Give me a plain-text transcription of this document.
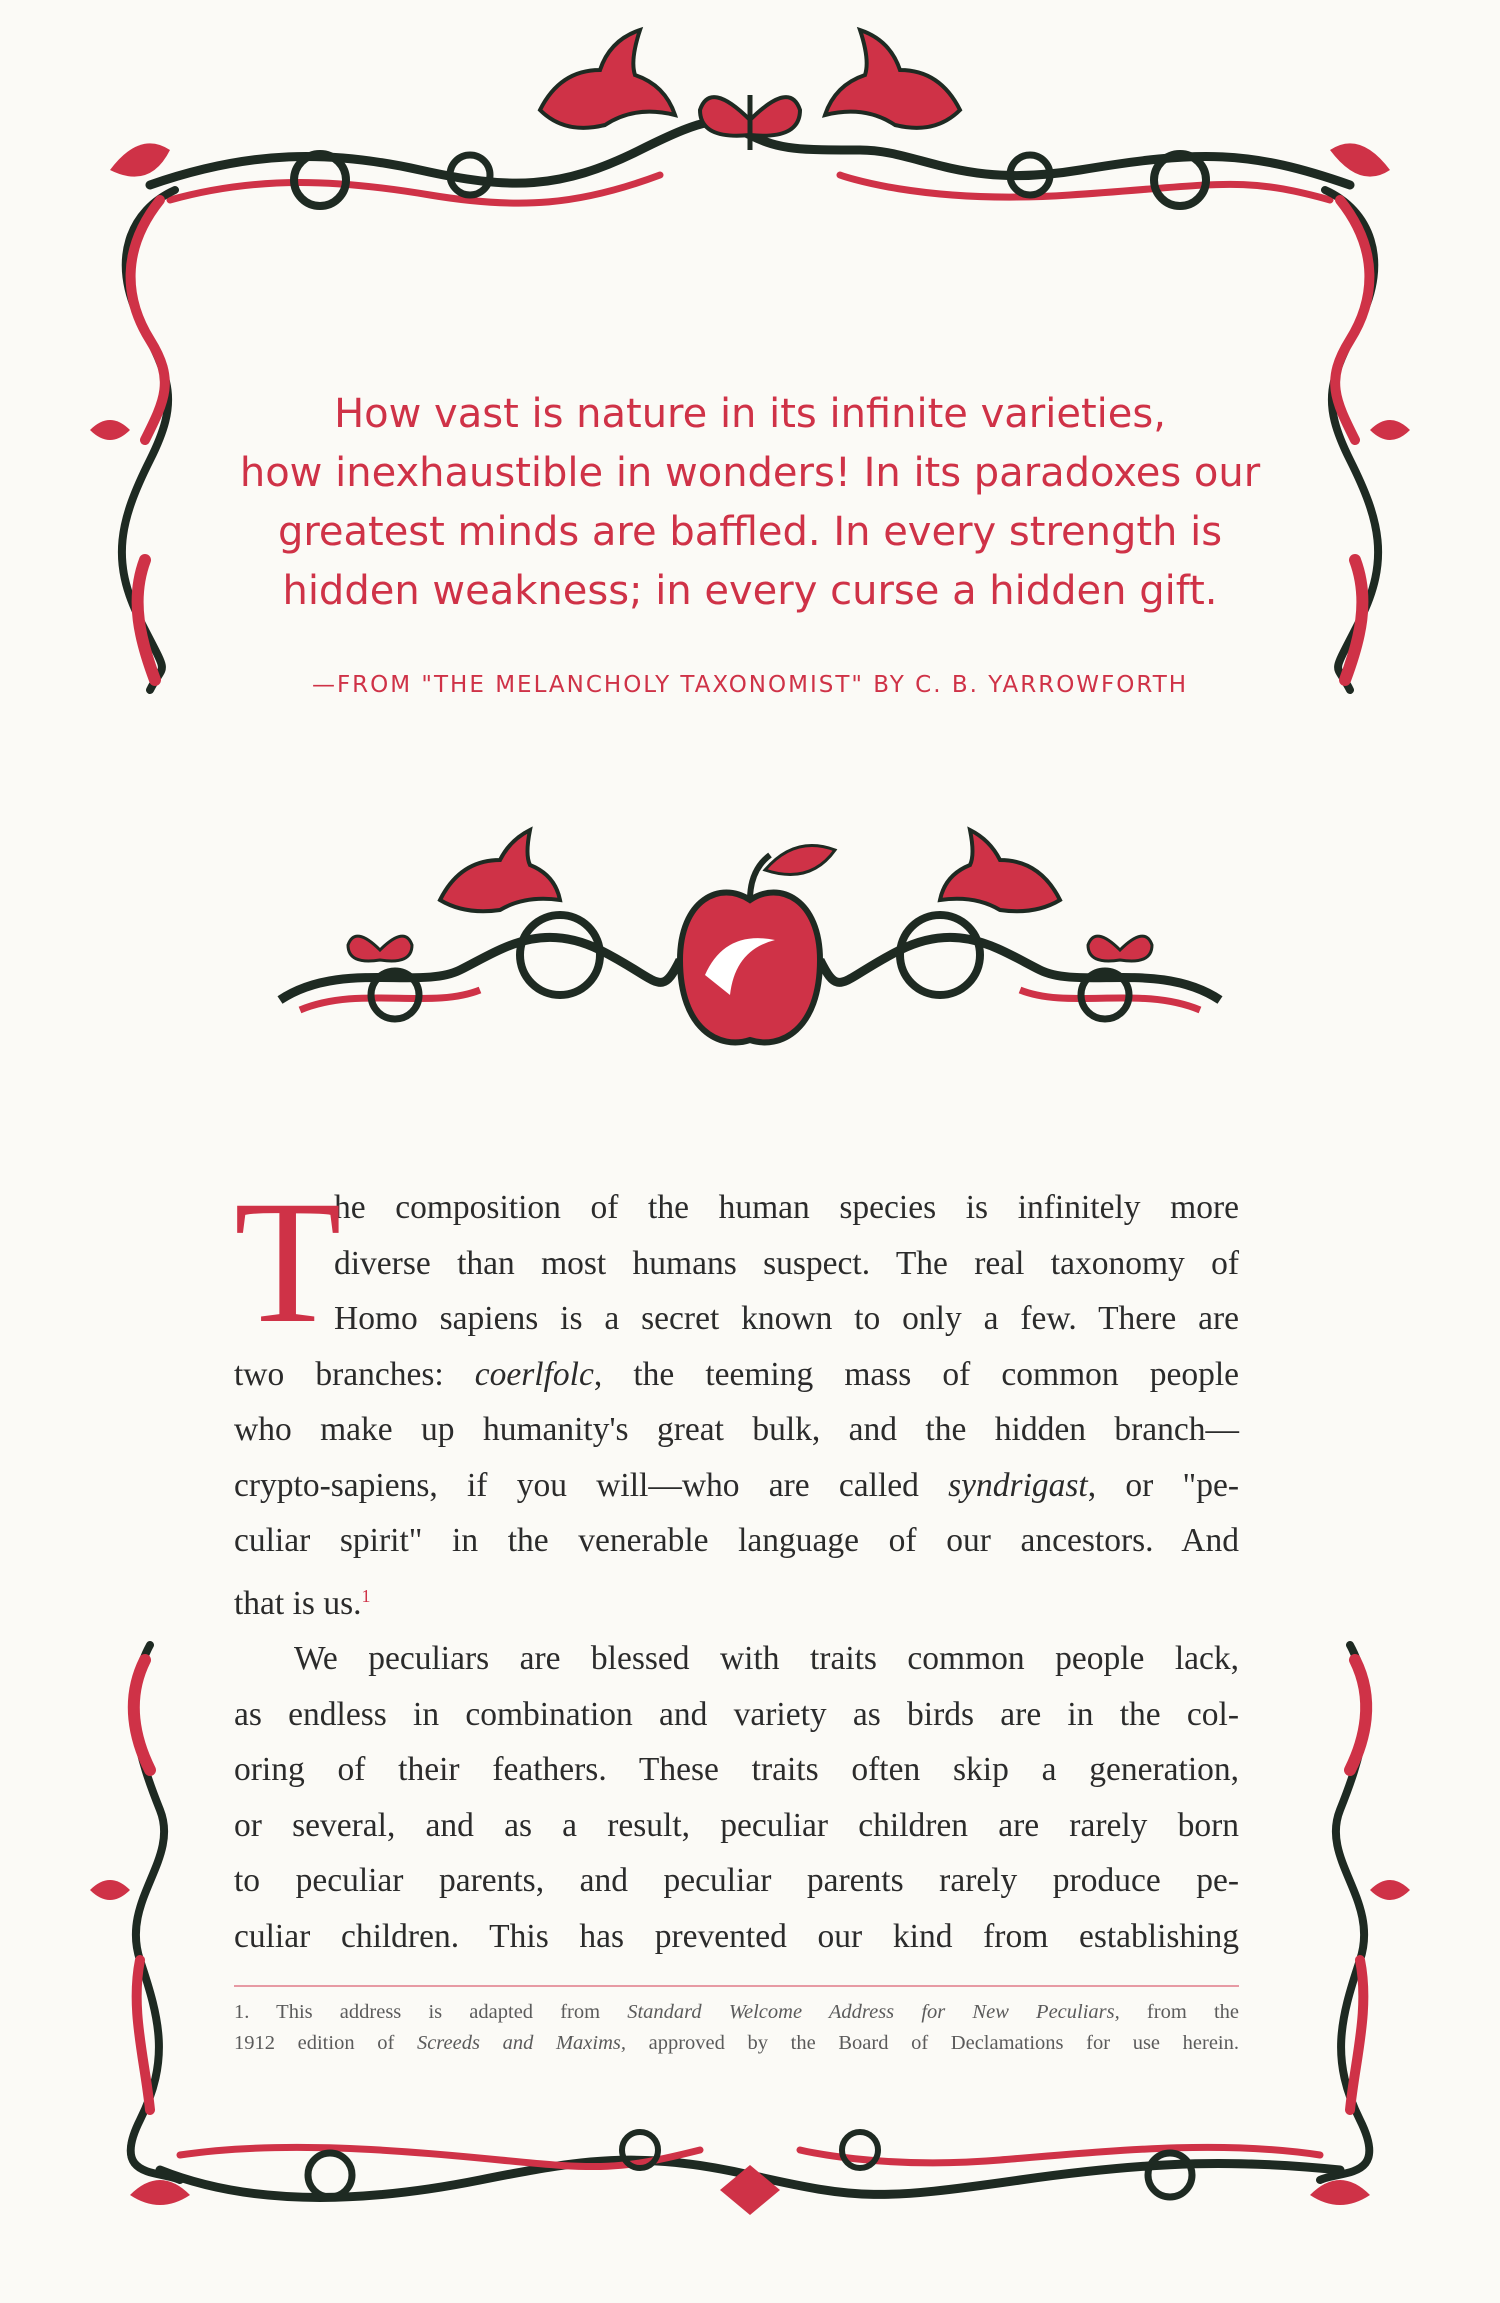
How vast is nature in its infinite varieties,
how inexhaustible in wonders! In its paradoxes our
greatest minds are baffled. In every strength is
hidden weakness; in every curse a hidden gift.
—FROM "THE MELANCHOLY TAXONOMIST" BY C. B. YARROWFORTH
T
he composition of the human species is infinitely more
diverse than most humans suspect. The real taxonomy of
Homo sapiens is a secret known to only a few. There are
two branches: coerlfolc, the teeming mass of common people
who make up humanity's great bulk, and the hidden branch—
crypto-sapiens, if you will—who are called syndrigast, or "pe-
culiar spirit" in the venerable language of our ancestors. And
that is us.$^1$
We peculiars are blessed with traits common people lack,
as endless in combination and variety as birds are in the col-
oring of their feathers. These traits often skip a generation,
or several, and as a result, peculiar children are rarely born
to peculiar parents, and peculiar parents rarely produce pe-
culiar children. This has prevented our kind from establishing
1. This address is adapted from Standard Welcome Address for New Peculiars, from the
1912 edition of Screeds and Maxims, approved by the Board of Declamations for use herein.
